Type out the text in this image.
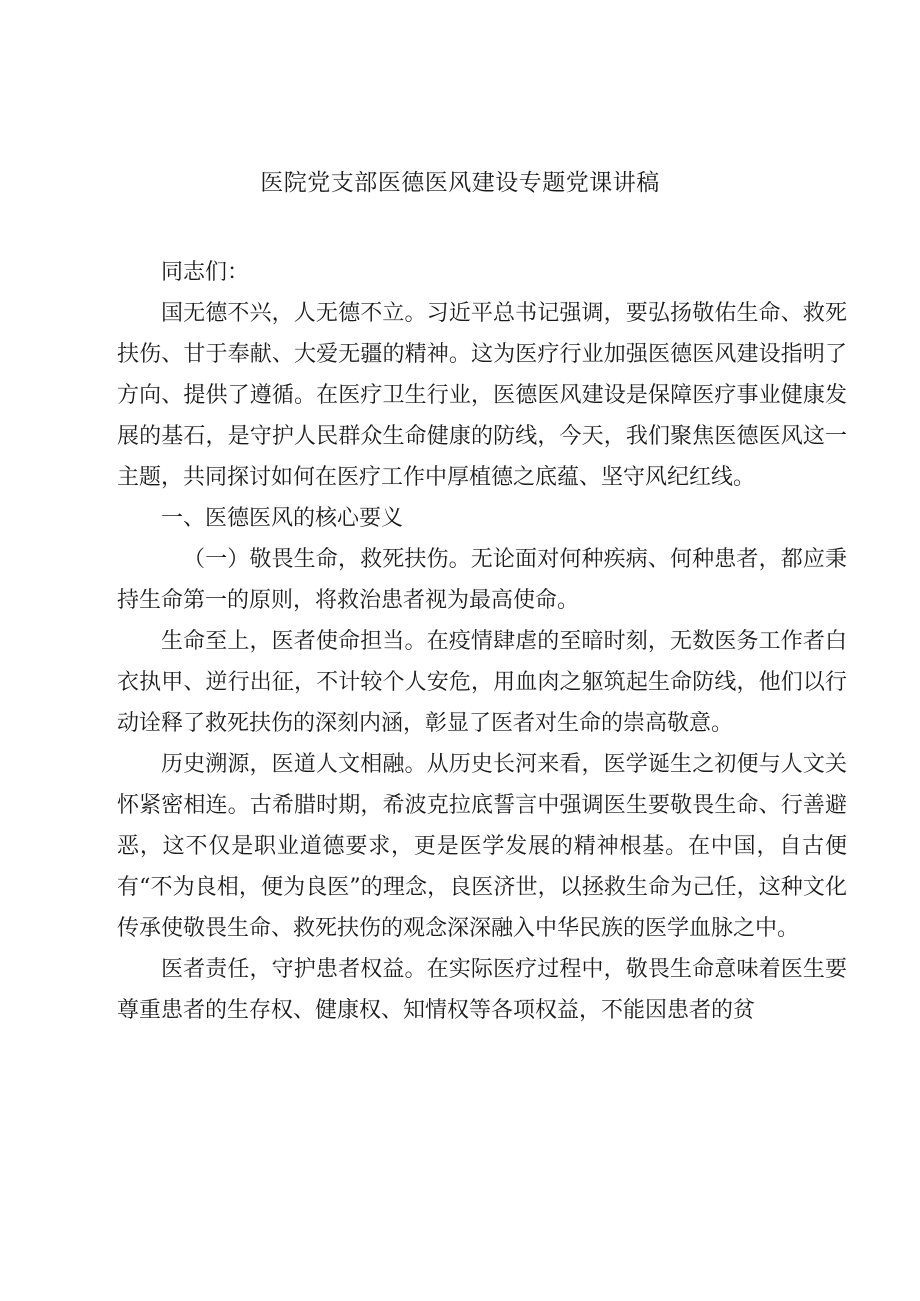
医院党支部医德医风建设专题党课讲稿

同志们：

国无德不兴，人无德不立。习近平总书记强调，要弘扬敬佑生命、救死扶伤、甘于奉献、大爱无疆的精神。这为医疗行业加强医德医风建设指明了方向、提供了遵循。在医疗卫生行业，医德医风建设是保障医疗事业健康发展的基石，是守护人民群众生命健康的防线，今天，我们聚焦医德医风这一主题，共同探讨如何在医疗工作中厚植德之底蕴、坚守风纪红线。

一、医德医风的核心要义

（一）敬畏生命，救死扶伤。无论面对何种疾病、何种患者，都应秉持生命第一的原则，将救治患者视为最高使命。

生命至上，医者使命担当。在疫情肆虐的至暗时刻，无数医务工作者白衣执甲、逆行出征，不计较个人安危，用血肉之躯筑起生命防线，他们以行动诠释了救死扶伤的深刻内涵，彰显了医者对生命的崇高敬意。

历史溯源，医道人文相融。从历史长河来看，医学诞生之初便与人文关怀紧密相连。古希腊时期，希波克拉底誓言中强调医生要敬畏生命、行善避恶，这不仅是职业道德要求，更是医学发展的精神根基。在中国，自古便有“不为良相，便为良医”的理念，良医济世，以拯救生命为己任，这种文化传承使敬畏生命、救死扶伤的观念深深融入中华民族的医学血脉之中。

医者责任，守护患者权益。在实际医疗过程中，敬畏生命意味着医生要尊重患者的生存权、健康权、知情权等各项权益，不能因患者的贫
